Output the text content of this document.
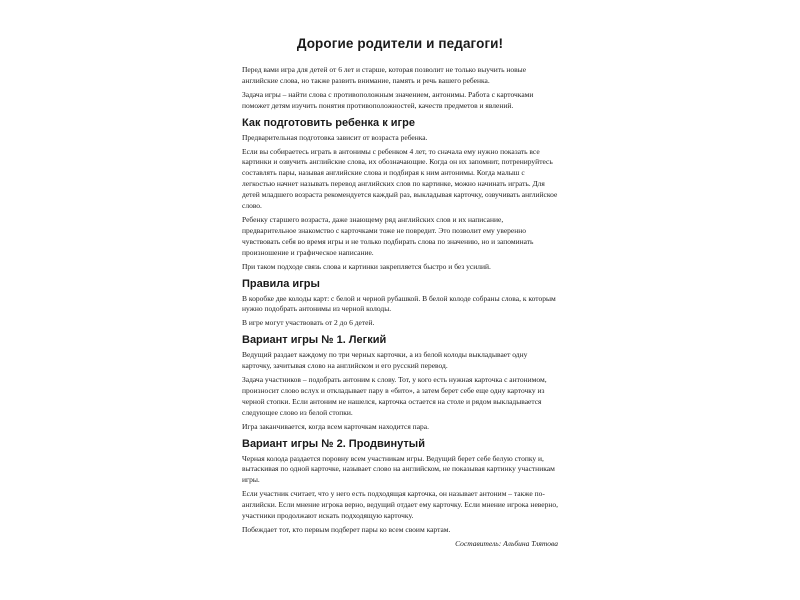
Дорогие родители и педагоги!

Перед вами игра для детей от 6 лет и старше, которая позволит не только выучить новые английские слова, но также развить внимание, память и речь вашего ребенка.

Задача игры – найти слова с противоположным значением, антонимы. Работа с карточками поможет детям изучить понятия противоположностей, качеств предметов и явлений.

Как подготовить ребенка к игре

Предварительная подготовка зависит от возраста ребенка.

Если вы собираетесь играть в антонимы с ребенком 4 лет, то сначала ему нужно показать все картинки и озвучить английские слова, их обозначающие. Когда он их запомнит, потренируйтесь составлять пары, называя английские слова и подбирая к ним антонимы. Когда малыш с легкостью начнет называть перевод английских слов по картинке, можно начинать играть. Для детей младшего возраста рекомендуется каждый раз, выкладывая карточку, озвучивать английское слово.

Ребенку старшего возраста, даже знающему ряд английских слов и их написание, предварительное знакомство с карточками тоже не повредит. Это позволит ему уверенно чувствовать себя во время игры и не только подбирать слова по значению, но и запоминать произношение и графическое написание.

При таком подходе связь слова и картинки закрепляется быстро и без усилий.

Правила игры

В коробке две колоды карт: с белой и черной рубашкой. В белой колоде собраны слова, к которым нужно подобрать антонимы из черной колоды.

В игре могут участвовать от 2 до 6 детей.

Вариант игры № 1. Легкий

Ведущий раздает каждому по три черных карточки, а из белой колоды выкладывает одну карточку, зачитывая слово на английском и его русский перевод.

Задача участников – подобрать антоним к слову. Тот, у кого есть нужная карточка с антонимом, произносит слово вслух и откладывает пару в «бито», а затем берет себе еще одну карточку из черной стопки. Если антоним не нашелся, карточка остается на столе и рядом выкладывается следующее слово из белой стопки.

Игра заканчивается, когда всем карточкам находится пара.

Вариант игры № 2. Продвинутый

Черная колода раздается поровну всем участникам игры. Ведущий берет себе белую стопку и, вытаскивая по одной карточке, называет слово на английском, не показывая картинку участникам игры.

Если участник считает, что у него есть подходящая карточка, он называет антоним – также по-английски. Если мнение игрока верно, ведущий отдает ему карточку. Если мнение игрока неверно, участники продолжают искать подходящую карточку.

Побеждает тот, кто первым подберет пары ко всем своим картам.

Составитель: Альбина Тлятова
